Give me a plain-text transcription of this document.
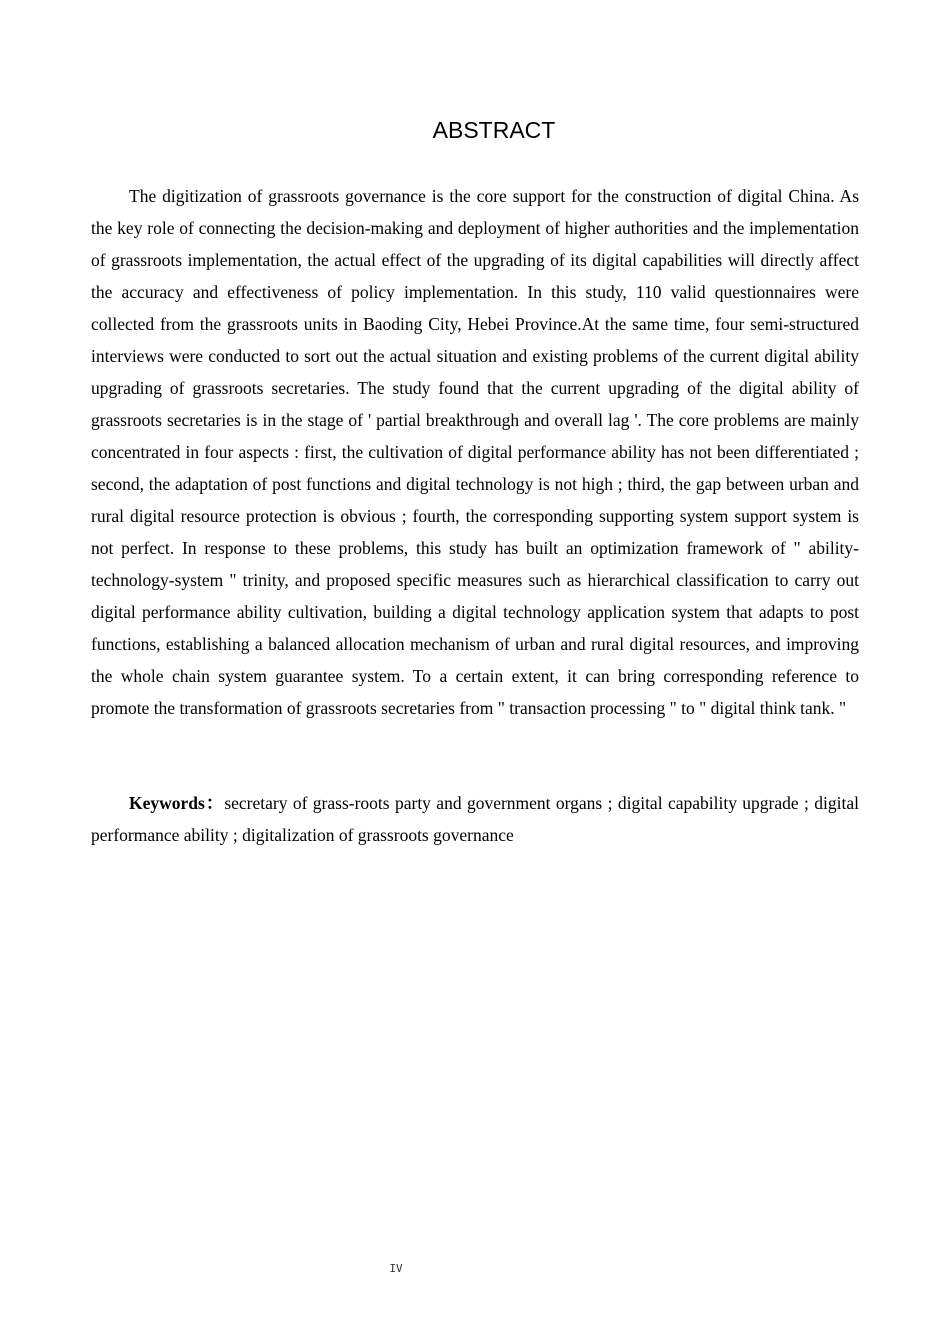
ABSTRACT

The digitization of grassroots governance is the core support for the construction of digital China. As the key role of connecting the decision-making and deployment of higher authorities and the implementation of grassroots implementation, the actual effect of the upgrading of its digital capabilities will directly affect the accuracy and effectiveness of policy implementation. In this study, 110 valid questionnaires were collected from the grassroots units in Baoding City, Hebei Province.At the same time, four semi-structured interviews were conducted to sort out the actual situation and existing problems of the current digital ability upgrading of grassroots secretaries. The study found that the current upgrading of the digital ability of grassroots secretaries is in the stage of ' partial breakthrough and overall lag '. The core problems are mainly concentrated in four aspects : first, the cultivation of digital performance ability has not been differentiated ; second, the adaptation of post functions and digital technology is not high ; third, the gap between urban and rural digital resource protection is obvious ; fourth, the corresponding supporting system support system is not perfect. In response to these problems, this study has built an optimization framework of " ability-technology-system " trinity, and proposed specific measures such as hierarchical classification to carry out digital performance ability cultivation, building a digital technology application system that adapts to post functions, establishing a balanced allocation mechanism of urban and rural digital resources, and improving the whole chain system guarantee system. To a certain extent, it can bring corresponding reference to promote the transformation of grassroots secretaries from " transaction processing " to " digital think tank. "

Keywords：secretary of grass-roots party and government organs ; digital capability upgrade ; digital performance ability ; digitalization of grassroots governance

IV
